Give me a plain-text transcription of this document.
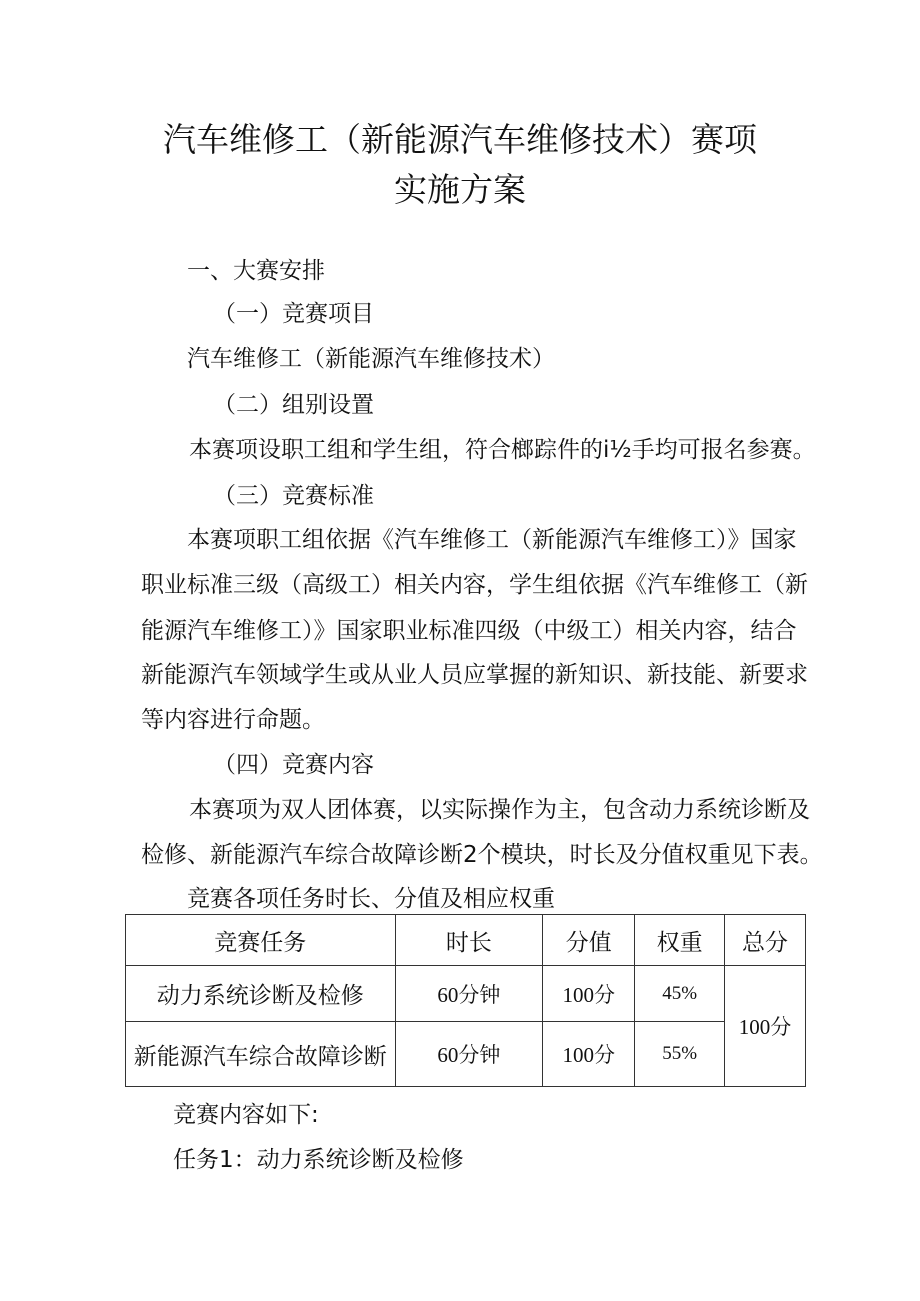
汽车维修工（新能源汽车维修技术）赛项
实施方案
一、大赛安排
（一）竞赛项目
汽车维修工（新能源汽车维修技术）
（二）组别设置
本赛项设职工组和学生组，符合榔踪件的i½手均可报名参赛。
（三）竞赛标准
本赛项职工组依据《汽车维修工（新能源汽车维修工）》国家
职业标准三级（高级工）相关内容，学生组依据《汽车维修工（新
能源汽车维修工）》国家职业标准四级（中级工）相关内容，结合
新能源汽车领域学生或从业人员应掌握的新知识、新技能、新要求
等内容进行命题。
（四）竞赛内容
本赛项为双人团体赛，以实际操作为主，包含动力系统诊断及
检修、新能源汽车综合故障诊断2个模块，时长及分值权重见下表。
竞赛各项任务时长、分值及相应权重
竞赛任务	时长	分值	权重	总分
动力系统诊断及检修	60分钟	100分	45%	100分
新能源汽车综合故障诊断	60分钟	100分	55%	
竞赛内容如下:
任务1：动力系统诊断及检修
